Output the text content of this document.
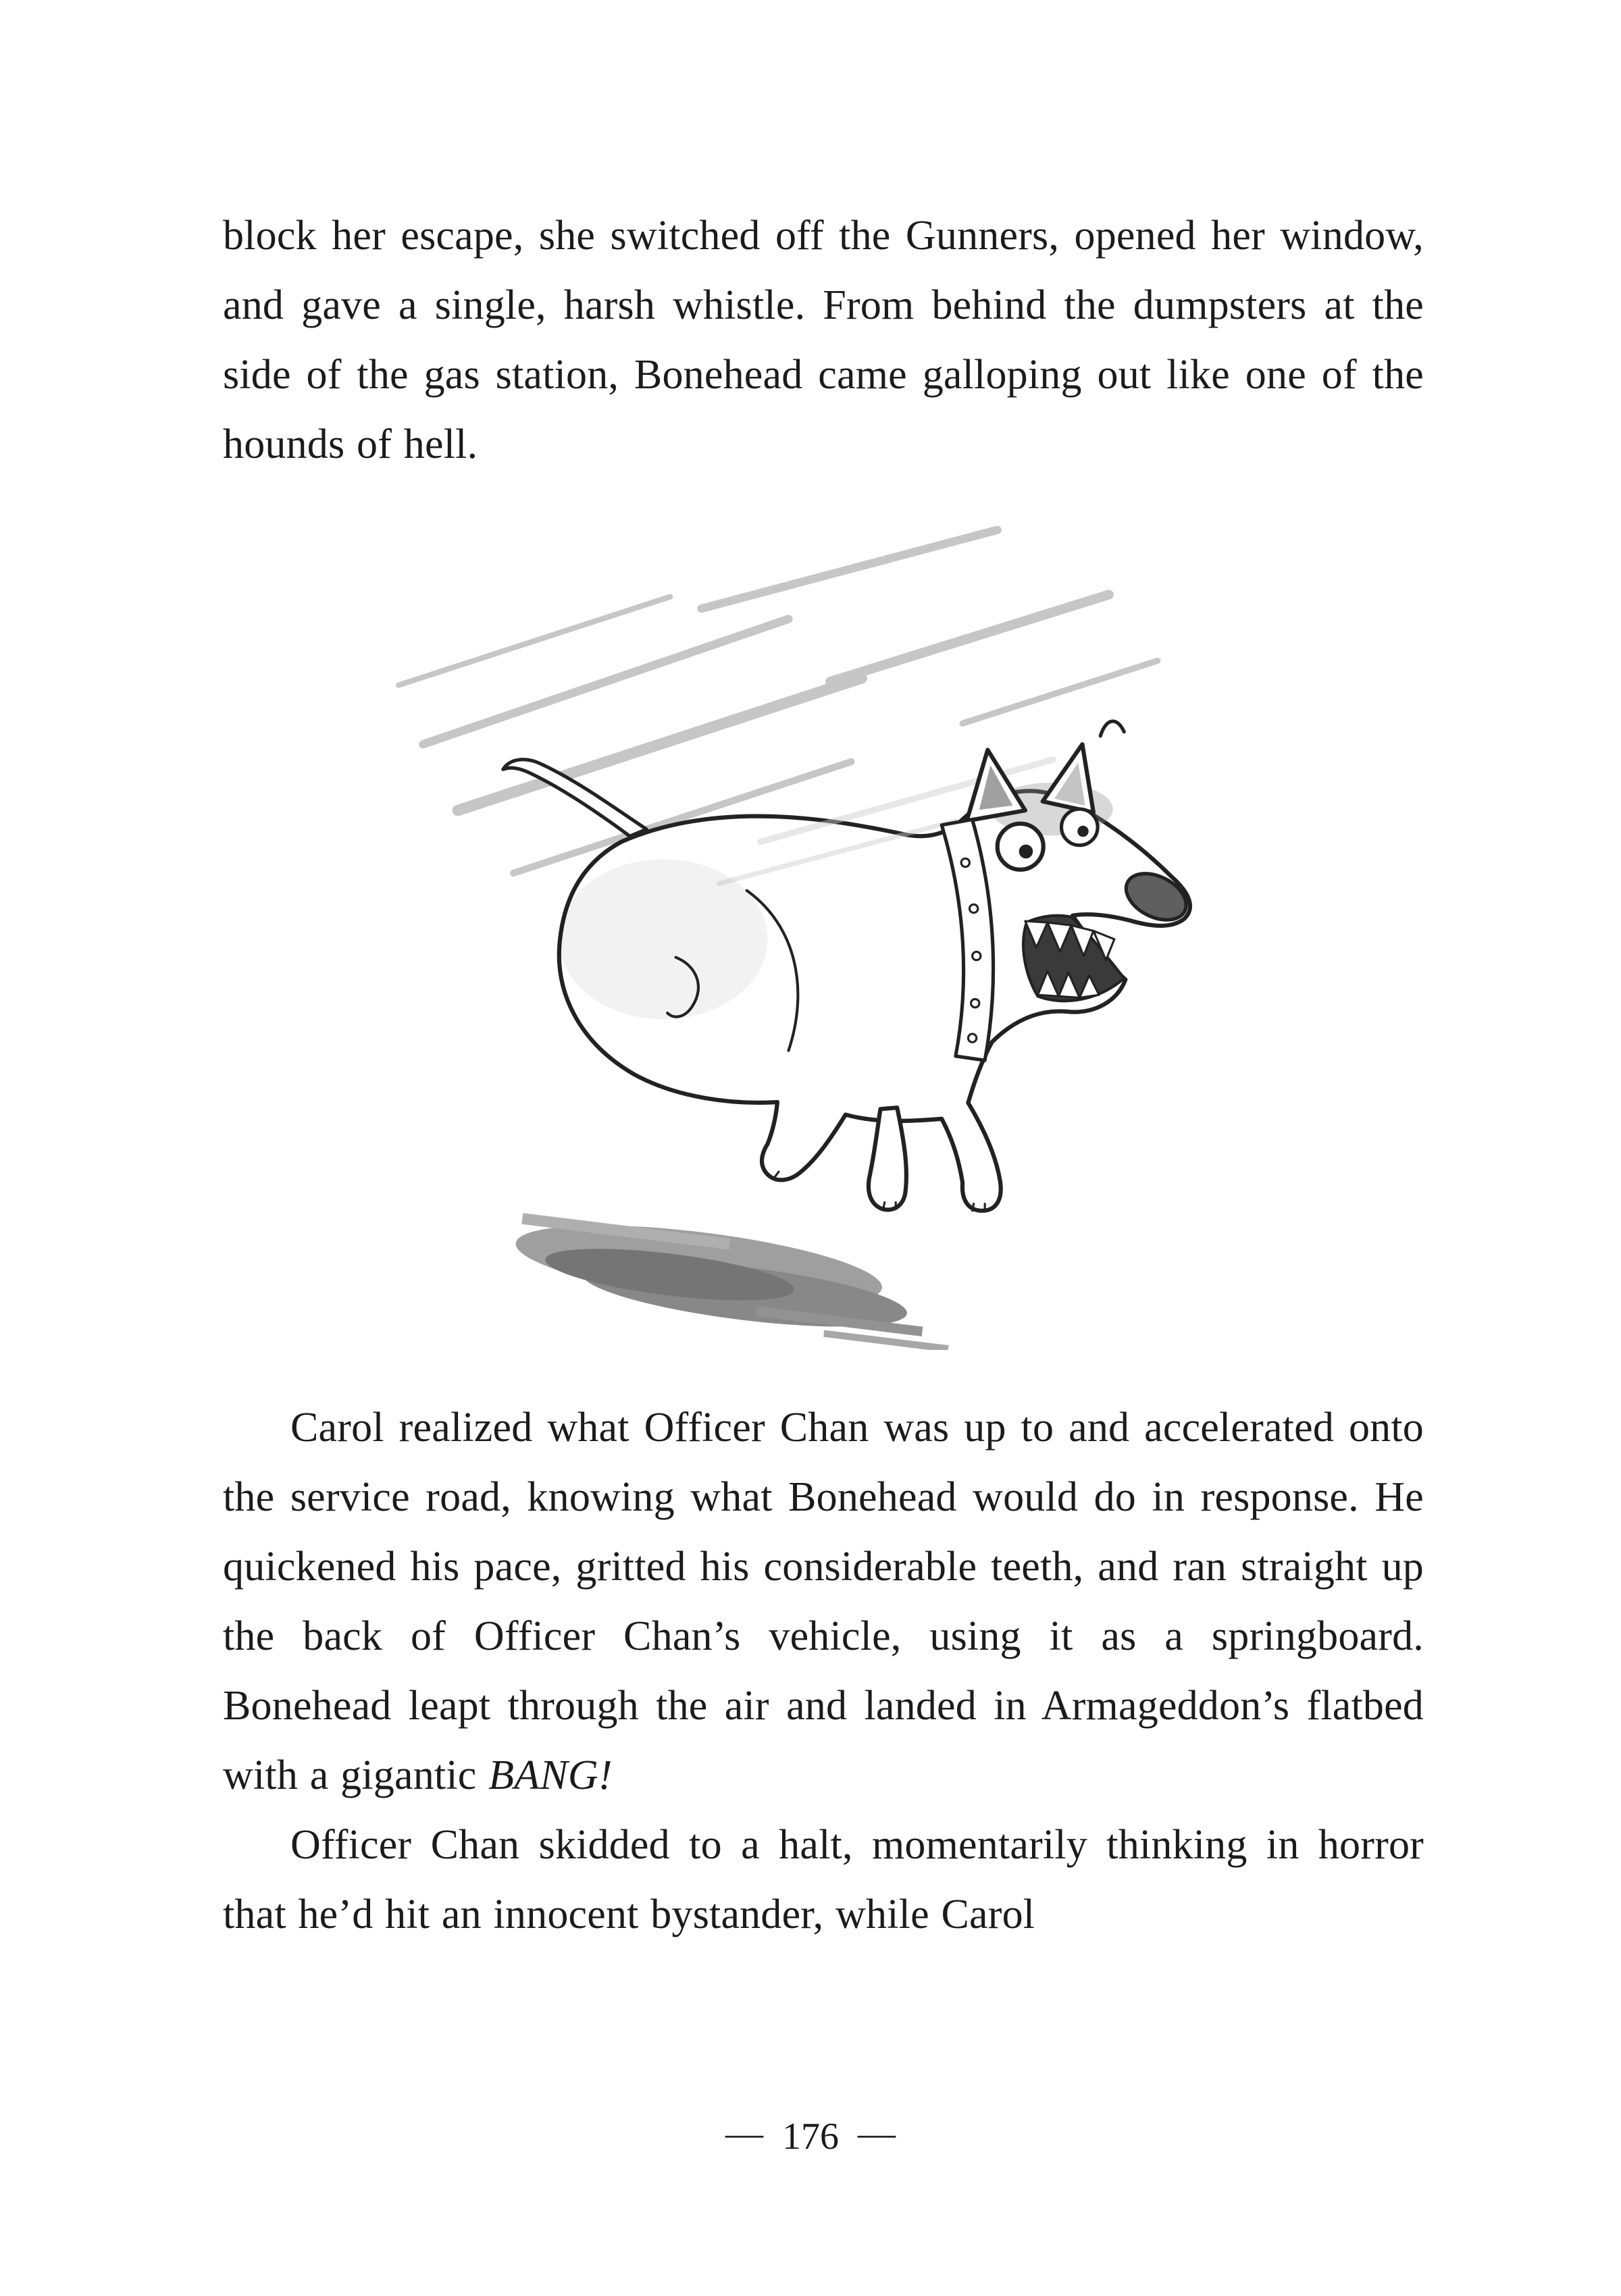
block her escape, she switched off the Gunners, opened her window, and gave a single, harsh whistle. From behind the dumpsters at the side of the gas station, Bonehead came galloping out like one of the hounds of hell.

Carol realized what Officer Chan was up to and accelerated onto the service road, knowing what Bonehead would do in response. He quickened his pace, gritted his considerable teeth, and ran straight up the back of Officer Chan’s vehicle, using it as a springboard. Bonehead leapt through the air and landed in Armageddon’s flatbed with a gigantic BANG!

Officer Chan skidded to a halt, momentarily thinking in horror that he’d hit an innocent bystander, while Carol

— 176 —
